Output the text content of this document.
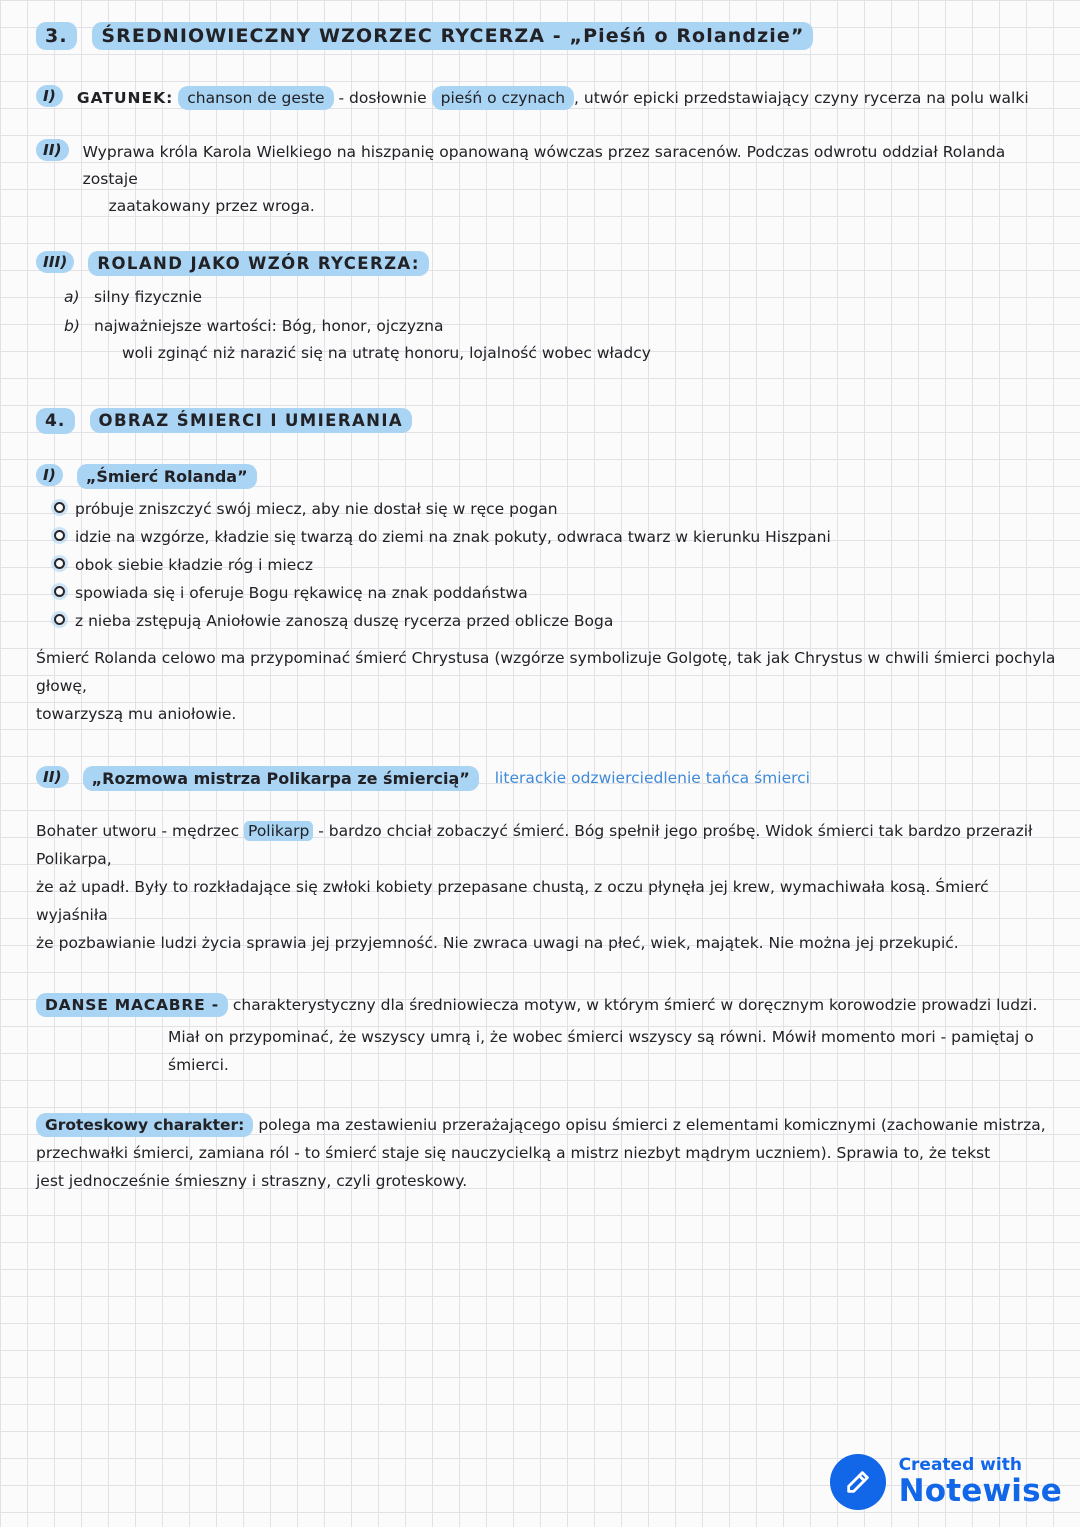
3. ŚREDNIOWIECZNY WZORZEC RYCERZA - „Pieśń o Rolandzie”
I)	GATUNEK: chanson de geste - dosłownie pieśń o czynach , utwór epicki przedstawiający czyny rycerza na polu walki
II)	Wyprawa króla Karola Wielkiego na hiszpanię opanowaną wówczas przez saracenów. Podczas odwrotu oddział Rolanda zostaje
zaatakowany przez wroga.
III)	ROLAND JAKO WZÓR RYCERZA:
a) silny fizycznie
b) najważniejsze wartości: Bóg, honor, ojczyzna
woli zginąć niż narazić się na utratę honoru, lojalność wobec władcy
4. OBRAZ ŚMIERCI I UMIERANIA
I)	„Śmierć Rolanda”
próbuje zniszczyć swój miecz, aby nie dostał się w ręce pogan
idzie na wzgórze, kładzie się twarzą do ziemi na znak pokuty, odwraca twarz w kierunku Hiszpani
obok siebie kładzie róg i miecz
spowiada się i oferuje Bogu rękawicę na znak poddaństwa
z nieba zstępują Aniołowie zanoszą duszę rycerza przed oblicze Boga
Śmierć Rolanda celowo ma przypominać śmierć Chrystusa (wzgórze symbolizuje Golgotę, tak jak Chrystus w chwili śmierci pochyla głowę,
towarzyszą mu aniołowie.
II)	„Rozmowa mistrza Polikarpa ze śmiercią”	literackie odzwierciedlenie tańca śmierci
Bohater utworu - mędrzec Polikarp - bardzo chciał zobaczyć śmierć. Bóg spełnił jego prośbę. Widok śmierci tak bardzo przeraził Polikarpa,
że aż upadł. Były to rozkładające się zwłoki kobiety przepasane chustą, z oczu płynęła jej krew, wymachiwała kosą. Śmierć wyjaśniła
że pozbawianie ludzi życia sprawia jej przyjemność. Nie zwraca uwagi na płeć, wiek, majątek. Nie można jej przekupić.
DANSE MACABRE - charakterystyczny dla średniowiecza motyw, w którym śmierć w doręcznym korowodzie prowadzi ludzi.
Miał on przypominać, że wszyscy umrą i, że wobec śmierci wszyscy są równi. Mówił momento mori - pamiętaj o śmierci.
Groteskowy charakter: polega ma zestawieniu przerażającego opisu śmierci z elementami komicznymi (zachowanie mistrza,
przechwałki śmierci, zamiana ról - to śmierć staje się nauczycielką a mistrz niezbyt mądrym uczniem). Sprawia to, że tekst
jest jednocześnie śmieszny i straszny, czyli groteskowy.
Created with
Notewise
